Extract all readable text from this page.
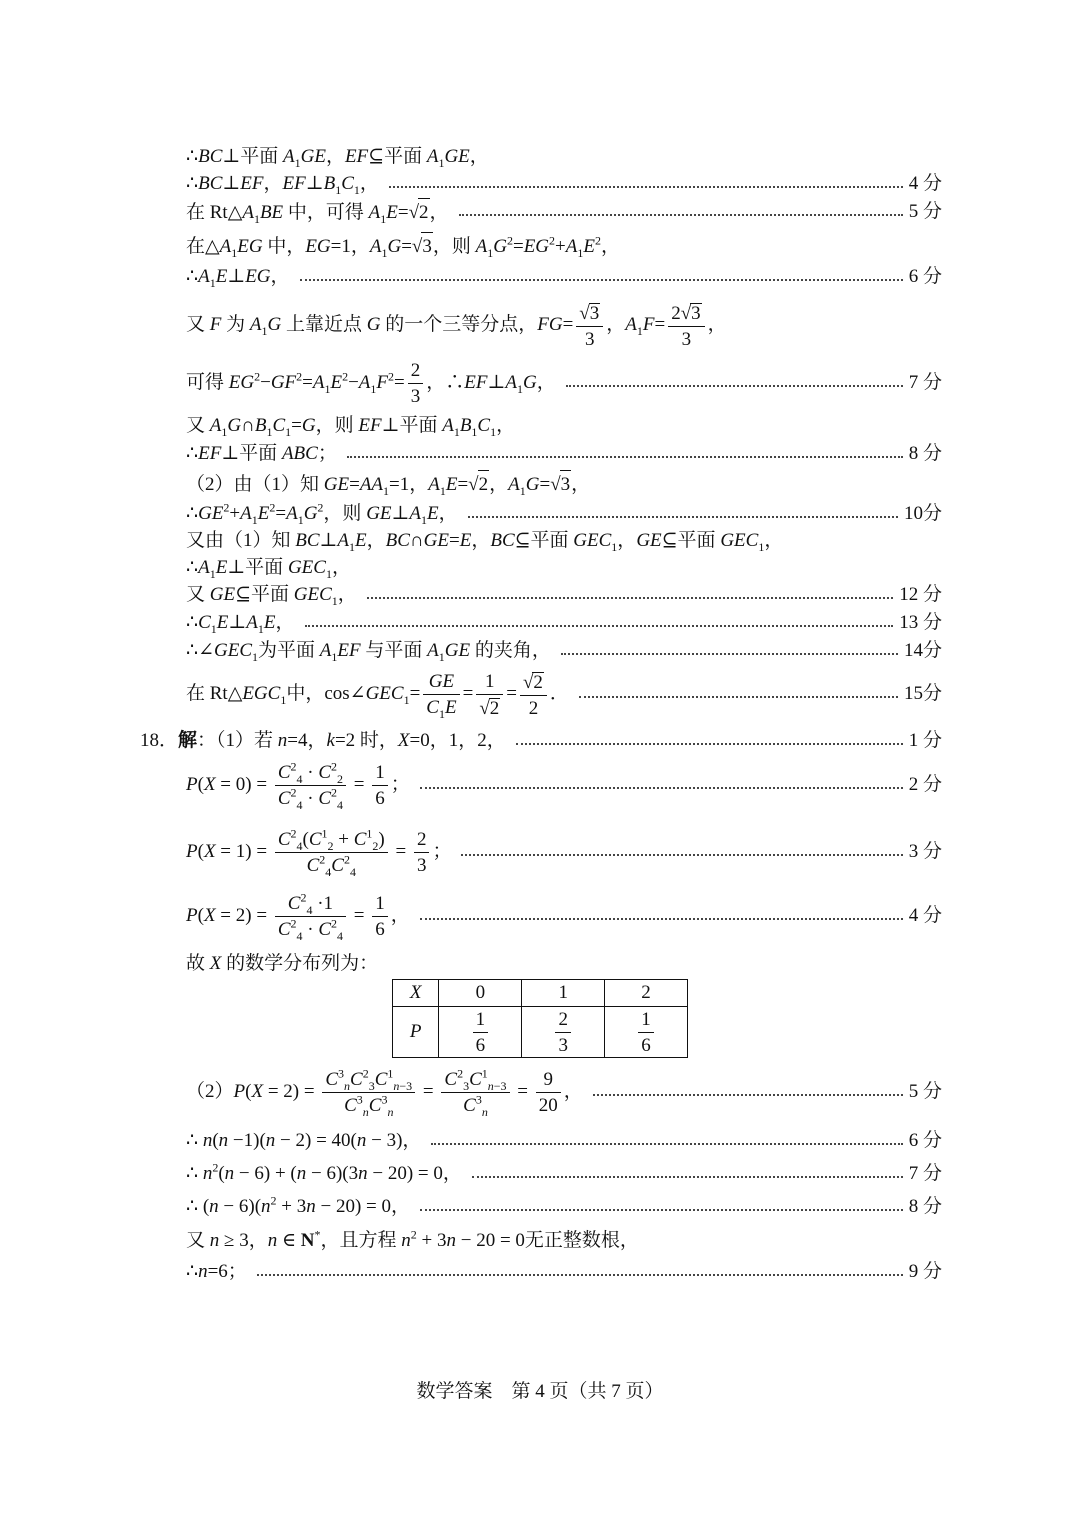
∴BC⊥平面 $A_1GE$，EF⊆平面 $A_1GE$，
∴BC⊥EF，$EF\perp B_1C_1$，	4 分
在 $Rt\triangle A_1BE$ 中，可得 $A_1E=√2$，	5 分
在$\triangle A_1EG$ 中，EG=1，$A_1G=√3$，则 $A_1G^2=EG^2+A_1E^2$，
$\therefore A_1E\perp EG$，	6 分
又 F 为 $A_1G$ 上靠近点 G 的一个三等分点，$FG= \frac{√3}{3}$ ，$A_1F= \frac{2√3}{3}$ ，
可得 $EG^2-GF^2=A_1E^2-A_1F^2= \frac{2}{3}$ ，$\therefore EF\perp A_1G$，	7 分
又 $A_1G\cap B_1C_1=G$，则 EF⊥平面 $A_1B_1C_1$，
∴EF⊥平面 ABC；	8 分
（2）由（1）知 $GE=AA_1=1$，$A_1E=√2$，$A_1G=√3$，
$\therefore GE^2+A_1E^2=A_1G^2$，则 $GE\perp A_1E$，	10分
又由（1）知 $BC\perp A_1E$，BC∩GE=E，BC⊆平面 $GEC_1$，GE⊆平面 $GEC_1$，
$\therefore A_1E\perp$平面 $GEC_1$，
又 GE⊆平面 $GEC_1$，	12 分
$\therefore C_1E\perp A_1E$，	13 分
$\therefore\angle GEC_1$为平面 $A_1EF$ 与平面 $A_1GE$ 的夹角，	14分
在 $Rt\triangle EGC_1$中，$\cos\angle GEC_1= \frac{GE}{C_1E} = \frac{1}{√2} = \frac{√2}{2}$ ．	15分
18．解：（1）若 n=4，k=2 时，X=0，1，2，	1 分
$P(X = 0) = \frac{C^2_4 \cdot C^2_2}{C^2_4 \cdot C^2_4} = \frac{1}{6}$ ；	2 分
$P(X = 1) = \frac{C^2_4(C^1_2 + C^1_2)}{C^2_4C^2_4} = \frac{2}{3}$ ；	3 分
$P(X = 2) = \frac{C^2_4 \cdot 1}{C^2_4 \cdot C^2_4} = \frac{1}{6}$ ，	4 分
故 X 的数学分布列为：
X	0	1	2
P	$\frac{1}{6}$	$\frac{2}{3}$	$\frac{1}{6}$
$(2)P(X = 2) = \frac{C^3_nC^2_3C^1_{n-3}}{C^3_nC^3_n} = \frac{C^2_3C^1_{n-3}}{C^3_n} = \frac{9}{20}$ ，	5 分
∴ n(n −1)(n − 2) = 40(n − 3)，	6 分
∴ $n^2(n - 6) + (n - 6)(3n - 20) = 0$，	7 分
∴ $(n - 6)(n^2 + 3n - 20) = 0$，	8 分
又 n ≥ 3，n ∈ N*，且方程 $n^2 + 3n - 20 = 0$无正整数根，
∴n=6；	9 分
数学答案　第 4 页（共 7 页）
